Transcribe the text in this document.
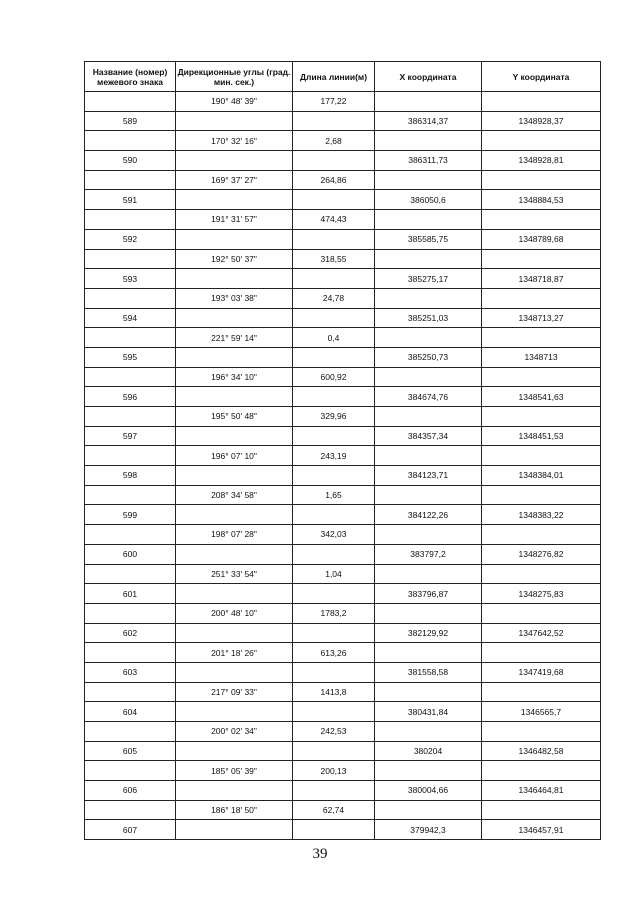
Название (номер) межевого знака	Дирекционные углы (град. мин. сек.)	Длина линии(м)	X координата	Y координата
	190° 48' 39"	177,22		
589			386314,37	1348928,37
	170° 32' 16"	2,68		
590			386311,73	1348928,81
	169° 37' 27"	264,86		
591			386050,6	1348884,53
	191° 31' 57"	474,43		
592			385585,75	1348789,68
	192° 50' 37"	318,55		
593			385275,17	1348718,87
	193° 03' 38"	24,78		
594			385251,03	1348713,27
	221° 59' 14"	0,4		
595			385250,73	1348713
	196° 34' 10"	600,92		
596			384674,76	1348541,63
	195° 50' 48"	329,96		
597			384357,34	1348451,53
	196° 07' 10"	243,19		
598			384123,71	1348384,01
	208° 34' 58"	1,65		
599			384122,26	1348383,22
	198° 07' 28"	342,03		
600			383797,2	1348276,82
	251° 33' 54"	1,04		
601			383796,87	1348275,83
	200° 48' 10"	1783,2		
602			382129,92	1347642,52
	201° 18' 26"	613,26		
603			381558,58	1347419,68
	217° 09' 33"	1413,8		
604			380431,84	1346565,7
	200° 02' 34"	242,53		
605			380204	1346482,58
	185° 05' 39"	200,13		
606			380004,66	1346464,81
	186° 18' 50"	62,74		
607			379942,3	1346457,91
39
